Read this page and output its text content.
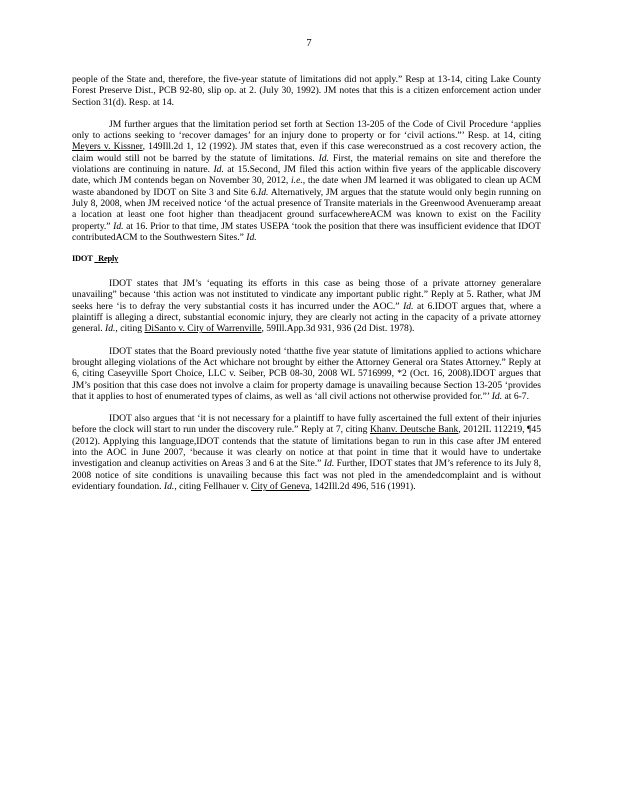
7

people of the State and, therefore, the five-year statute of limitations did not apply.” Resp at 13-14, citing Lake County Forest Preserve Dist., PCB 92-80, slip op. at 2. (July 30, 1992). JM notes that this is a citizen enforcement action under Section 31(d). Resp. at 14.

JM further argues that the limitation period set forth at Section 13-205 of the Code of Civil Procedure ‘applies only to actions seeking to ‘recover damages’ for an injury done to property or for ‘civil actions.”’ Resp. at 14, citing Meyers v. Kissner, 149Ill.2d 1, 12 (1992). JM states that, even if this case wereconstrued as a cost recovery action, the claim would still not be barred by the statute of limitations. Id. First, the material remains on site and therefore the violations are continuing in nature. Id. at 15.Second, JM filed this action within five years of the applicable discovery date, which JM contends began on November 30, 2012, i.e., the date when JM learned it was obligated to clean up ACM waste abandoned by IDOT on Site 3 and Site 6.Id. Alternatively, JM argues that the statute would only begin running on July 8, 2008, when JM received notice ‘of the actual presence of Transite materials in the Greenwood Avenueramp areaat a location at least one foot higher than theadjacent ground surfacewhereACM was known to exist on the Facility property.” Id. at 16. Prior to that time, JM states USEPA ‘took the position that there was insufficient evidence that IDOT contributedACM to the Southwestern Sites.” Id.

IDOT Reply

IDOT states that JM’s ‘equating its efforts in this case as being those of a private attorney generalare unavailing” because ‘this action was not instituted to vindicate any important public right.” Reply at 5. Rather, what JM seeks here ‘is to defray the very substantial costs it has incurred under the AOC.” Id. at 6.IDOT argues that, where a plaintiff is alleging a direct, substantial economic injury, they are clearly not acting in the capacity of a private attorney general. Id., citing DiSanto v. City of Warrenville, 59Ill.App.3d 931, 936 (2d Dist. 1978).

IDOT states that the Board previously noted ‘thatthe five year statute of limitations applied to actions whichare brought alleging violations of the Act whichare not brought by either the Attorney General ora States Attorney.” Reply at 6, citing Caseyville Sport Choice, LLC v. Seiber, PCB 08-30, 2008 WL 5716999, *2 (Oct. 16, 2008).IDOT argues that JM’s position that this case does not involve a claim for property damage is unavailing because Section 13-205 ‘provides that it applies to host of enumerated types of claims, as well as ‘all civil actions not otherwise provided for.”’ Id. at 6-7.

IDOT also argues that ‘it is not necessary for a plaintiff to have fully ascertained the full extent of their injuries before the clock will start to run under the discovery rule.” Reply at 7, citing Khanv. Deutsche Bank, 2012IL 112219, ¶45 (2012). Applying this language,IDOT contends that the statute of limitations began to run in this case after JM entered into the AOC in June 2007, ‘because it was clearly on notice at that point in time that it would have to undertake investigation and cleanup activities on Areas 3 and 6 at the Site.” Id. Further, IDOT states that JM’s reference to its July 8, 2008 notice of site conditions is unavailing because this fact was not pled in the amendedcomplaint and is without evidentiary foundation. Id., citing Fellhauer v. City of Geneva, 142Ill.2d 496, 516 (1991).
